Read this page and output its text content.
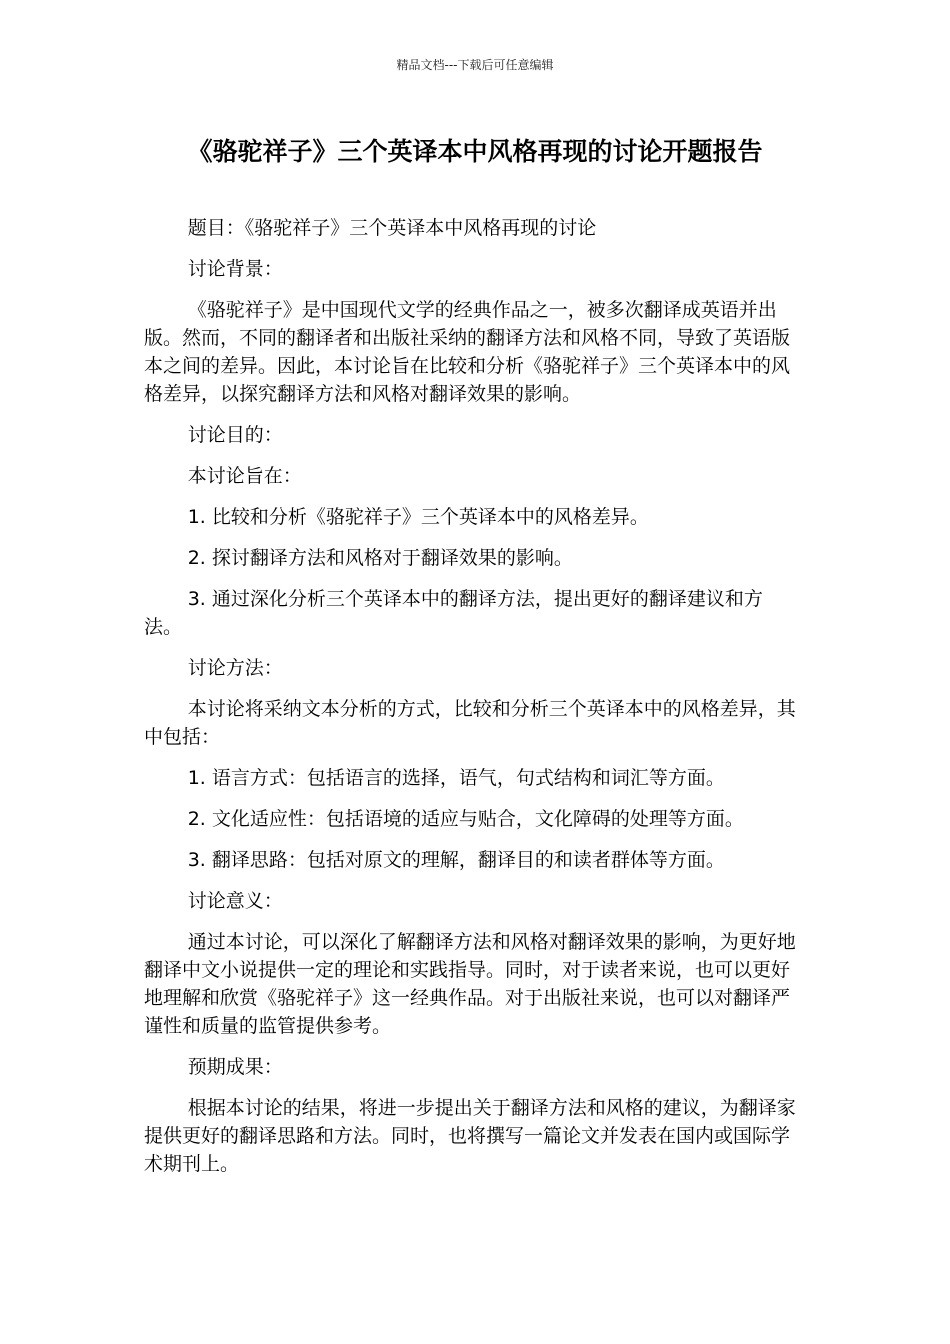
精品文档---下载后可任意编辑
《骆驼祥子》三个英译本中风格再现的讨论开题报告

题目：《骆驼祥子》三个英译本中风格再现的讨论

讨论背景：

《骆驼祥子》是中国现代文学的经典作品之一，被多次翻译成英语并出版。然而，不同的翻译者和出版社采纳的翻译方法和风格不同，导致了英语版本之间的差异。因此，本讨论旨在比较和分析《骆驼祥子》三个英译本中的风格差异，以探究翻译方法和风格对翻译效果的影响。

讨论目的：

本讨论旨在：

1. 比较和分析《骆驼祥子》三个英译本中的风格差异。

2. 探讨翻译方法和风格对于翻译效果的影响。

3. 通过深化分析三个英译本中的翻译方法，提出更好的翻译建议和方法。

讨论方法：

本讨论将采纳文本分析的方式，比较和分析三个英译本中的风格差异，其中包括：

1. 语言方式：包括语言的选择，语气，句式结构和词汇等方面。

2. 文化适应性：包括语境的适应与贴合，文化障碍的处理等方面。

3. 翻译思路：包括对原文的理解，翻译目的和读者群体等方面。

讨论意义：

通过本讨论，可以深化了解翻译方法和风格对翻译效果的影响，为更好地翻译中文小说提供一定的理论和实践指导。同时，对于读者来说，也可以更好地理解和欣赏《骆驼祥子》这一经典作品。对于出版社来说，也可以对翻译严谨性和质量的监管提供参考。

预期成果：

根据本讨论的结果，将进一步提出关于翻译方法和风格的建议，为翻译家提供更好的翻译思路和方法。同时，也将撰写一篇论文并发表在国内或国际学术期刊上。
